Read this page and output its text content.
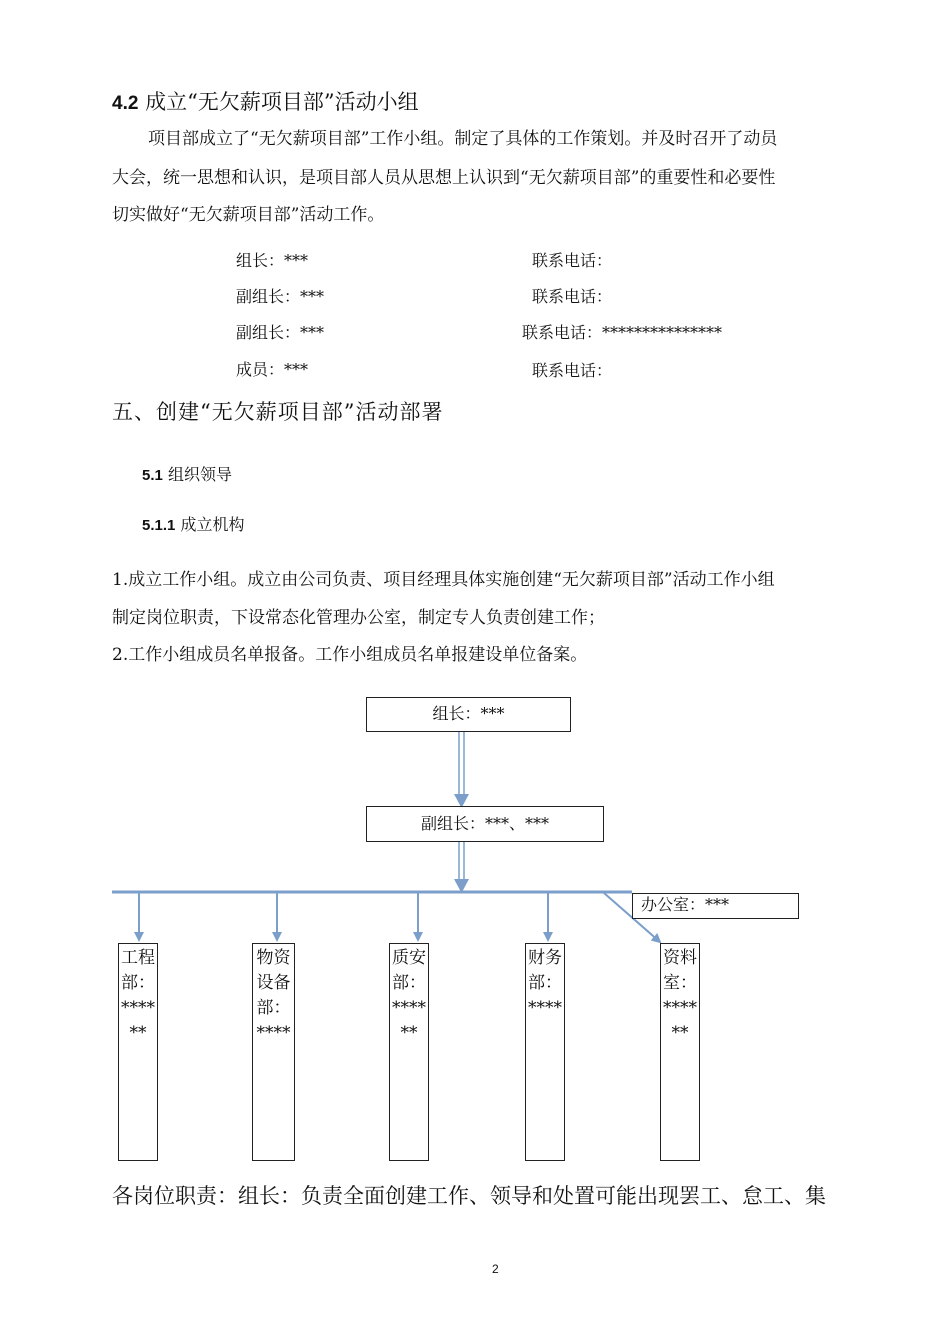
4.2 成立“无欠薪项目部”活动小组
项目部成立了“无欠薪项目部”工作小组。制定了具体的工作策划。并及时召开了动员
大会，统一思想和认识，是项目部人员从思想上认识到“无欠薪项目部”的重要性和必要性
切实做好“无欠薪项目部”活动工作。
组长：***	联系电话：
副组长：***	联系电话：
副组长：***	联系电话：***************
成员：***	联系电话：
五、创建“无欠薪项目部”活动部署
5.1 组织领导
5.1.1 成立机构
1.成立工作小组。成立由公司负责、项目经理具体实施创建“无欠薪项目部”活动工作小组
制定岗位职责，下设常态化管理办公室，制定专人负责创建工作；
2.工作小组成员名单报备。工作小组成员名单报建设单位备案。
组长：***
副组长：***、***
办公室：***
工程部：******
物资设备部：****
质安部：******
财务部：****
资料室：******
各岗位职责：组长：负责全面创建工作、领导和处置可能出现罢工、怠工、集
2
